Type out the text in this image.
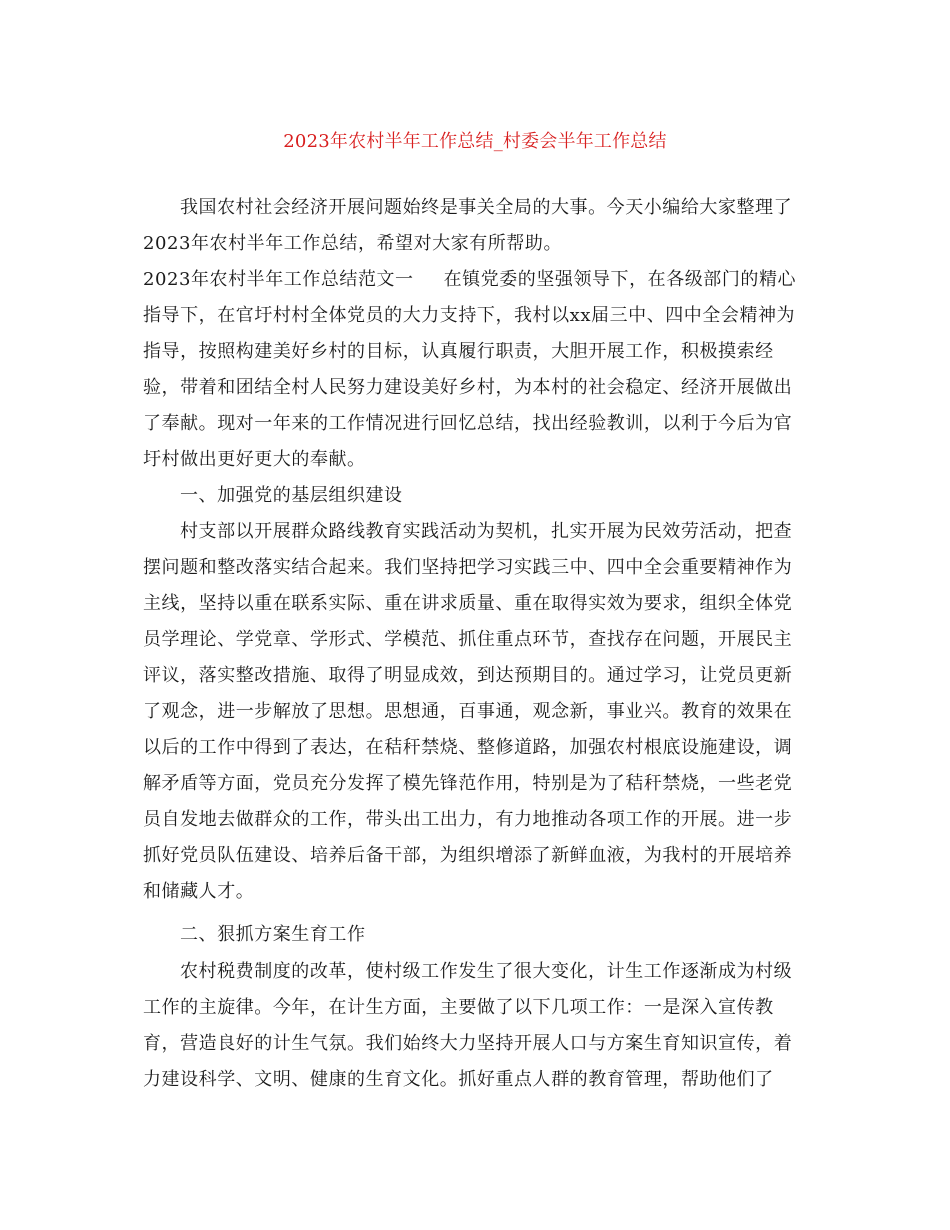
2023年农村半年工作总结_村委会半年工作总结
我国农村社会经济开展问题始终是事关全局的大事。今天小编给大家整理了
2023年农村半年工作总结，希望对大家有所帮助。
2023年农村半年工作总结范文一 在镇党委的坚强领导下，在各级部门的精心
指导下，在官圩村村全体党员的大力支持下，我村以xx届三中、四中全会精神为
指导，按照构建美好乡村的目标，认真履行职责，大胆开展工作，积极摸索经
验，带着和团结全村人民努力建设美好乡村，为本村的社会稳定、经济开展做出
了奉献。现对一年来的工作情况进行回忆总结，找出经验教训，以利于今后为官
圩村做出更好更大的奉献。
一、加强党的基层组织建设
村支部以开展群众路线教育实践活动为契机，扎实开展为民效劳活动，把查
摆问题和整改落实结合起来。我们坚持把学习实践三中、四中全会重要精神作为
主线，坚持以重在联系实际、重在讲求质量、重在取得实效为要求，组织全体党
员学理论、学党章、学形式、学模范、抓住重点环节，查找存在问题，开展民主
评议，落实整改措施、取得了明显成效，到达预期目的。通过学习，让党员更新
了观念，进一步解放了思想。思想通，百事通，观念新，事业兴。教育的效果在
以后的工作中得到了表达，在秸秆禁烧、整修道路，加强农村根底设施建设，调
解矛盾等方面，党员充分发挥了模先锋范作用，特别是为了秸秆禁烧，一些老党
员自发地去做群众的工作，带头出工出力，有力地推动各项工作的开展。进一步
抓好党员队伍建设、培养后备干部，为组织增添了新鲜血液，为我村的开展培养
和储藏人才。
二、狠抓方案生育工作
农村税费制度的改革，使村级工作发生了很大变化，计生工作逐渐成为村级
工作的主旋律。今年，在计生方面，主要做了以下几项工作：一是深入宣传教
育，营造良好的计生气氛。我们始终大力坚持开展人口与方案生育知识宣传，着
力建设科学、文明、健康的生育文化。抓好重点人群的教育管理，帮助他们了
